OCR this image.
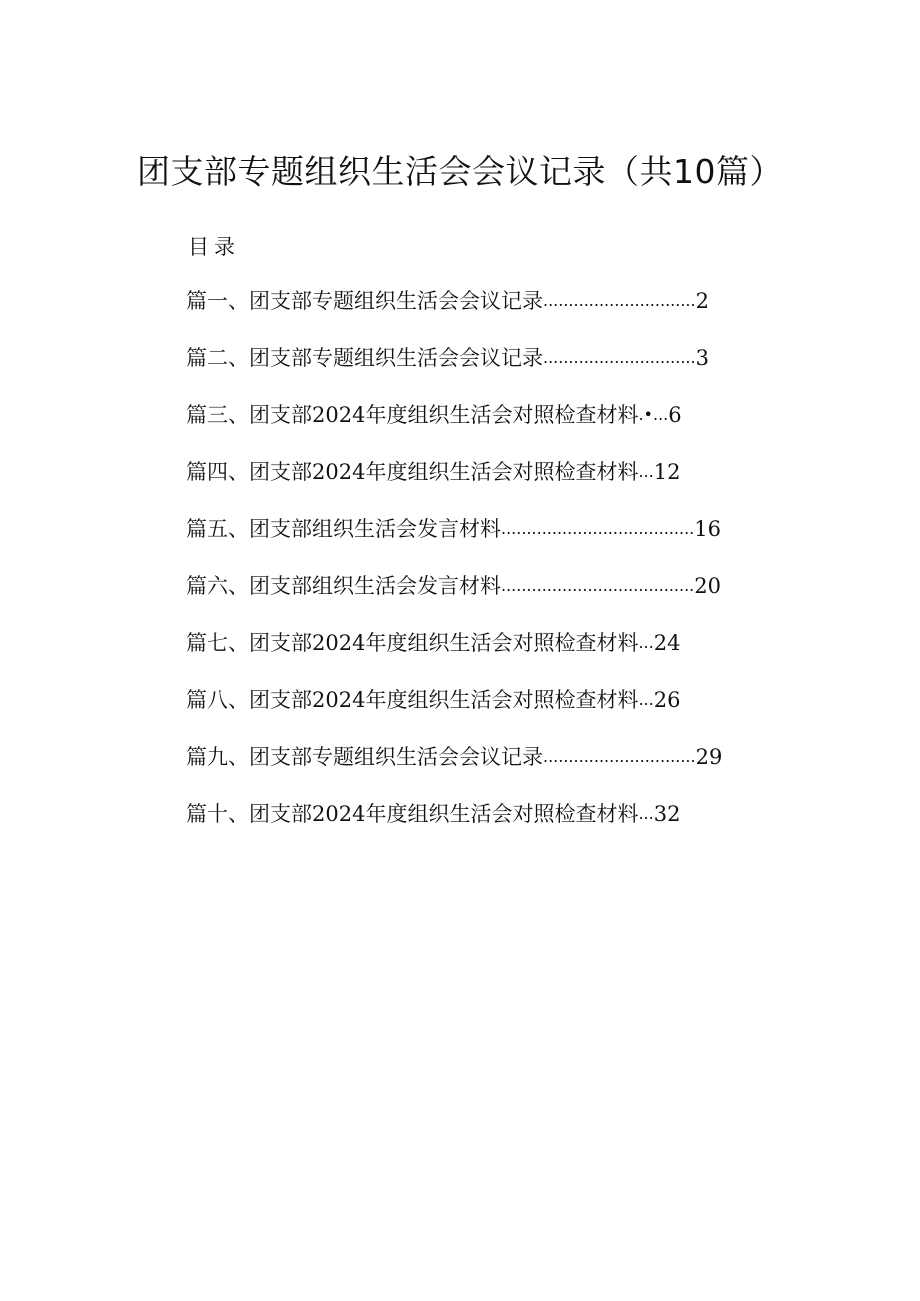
团支部专题组织生活会会议记录（共10篇）
目录
篇一、团支部专题组织生活会会议记录 .............................. 2
篇二、团支部专题组织生活会会议记录 .............................. 3
篇三、团支部2024年度组织生活会对照检查材料 .•... 6
篇四、团支部2024年度组织生活会对照检查材料 ... 12
篇五、团支部组织生活会发言材料 ...................................... 16
篇六、团支部组织生活会发言材料 ...................................... 20
篇七、团支部2024年度组织生活会对照检查材料 ... 24
篇八、团支部2024年度组织生活会对照检查材料 ... 26
篇九、团支部专题组织生活会会议记录 .............................. 29
篇十、团支部2024年度组织生活会对照检查材料 ... 32
